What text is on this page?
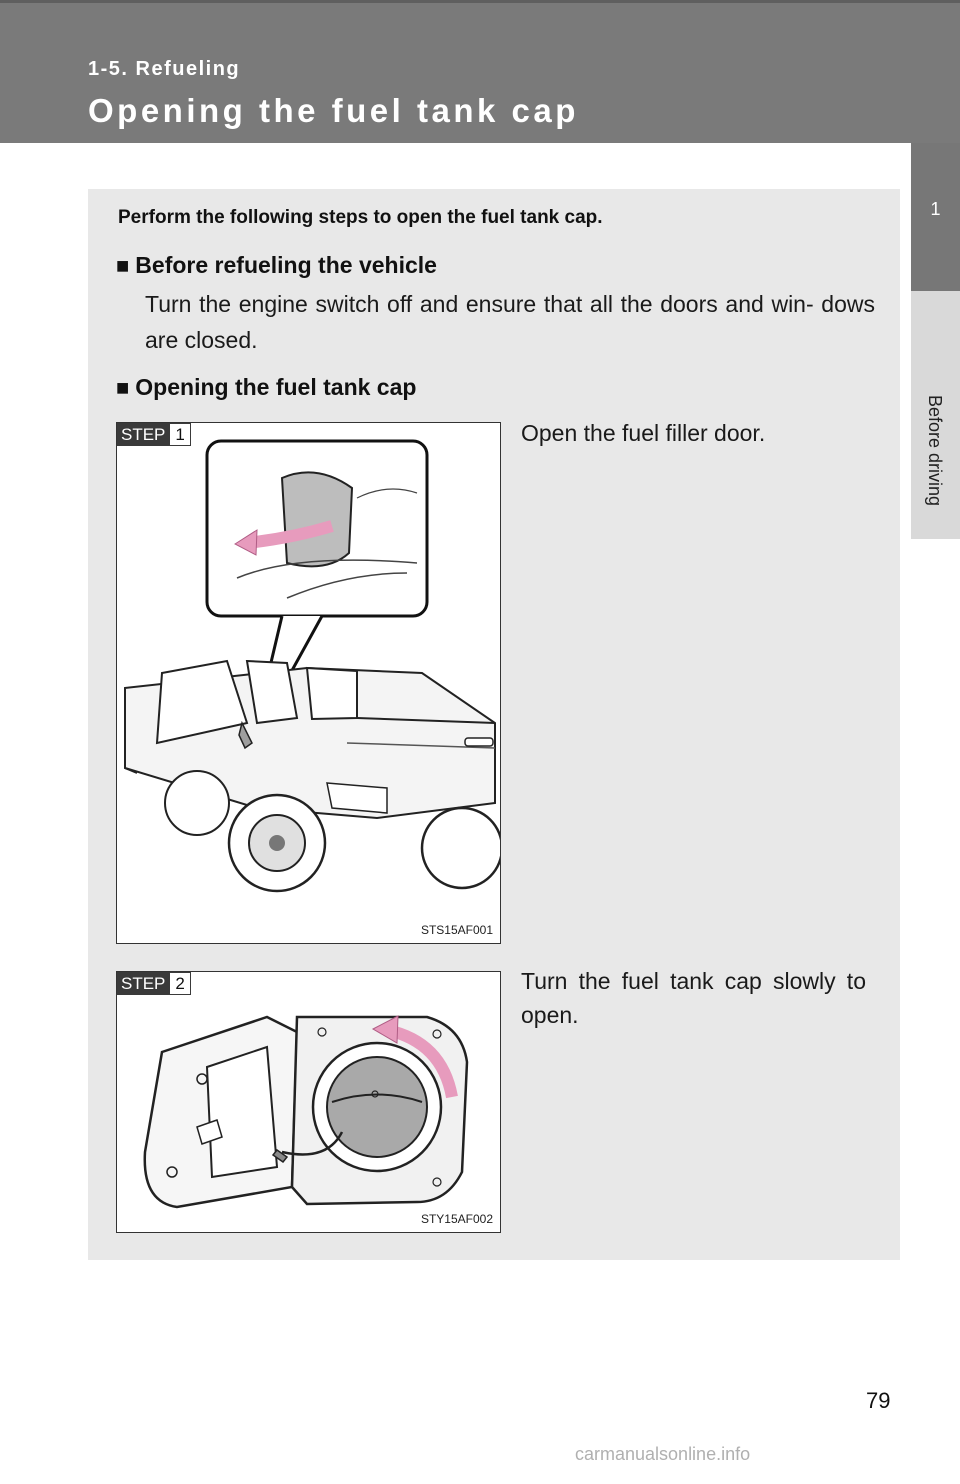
1-5. Refueling
Opening the fuel tank cap
1
Before driving
Perform the following steps to open the fuel tank cap.
■ Before refueling the vehicle
Turn the engine switch off and ensure that all the doors and win- dows are closed.
■ Opening the fuel tank cap
STEP 1
STS15AF001
Open the fuel filler door.
STEP 2
STY15AF002
Turn the fuel tank cap slowly to open.
79
carmanualsonline.info
